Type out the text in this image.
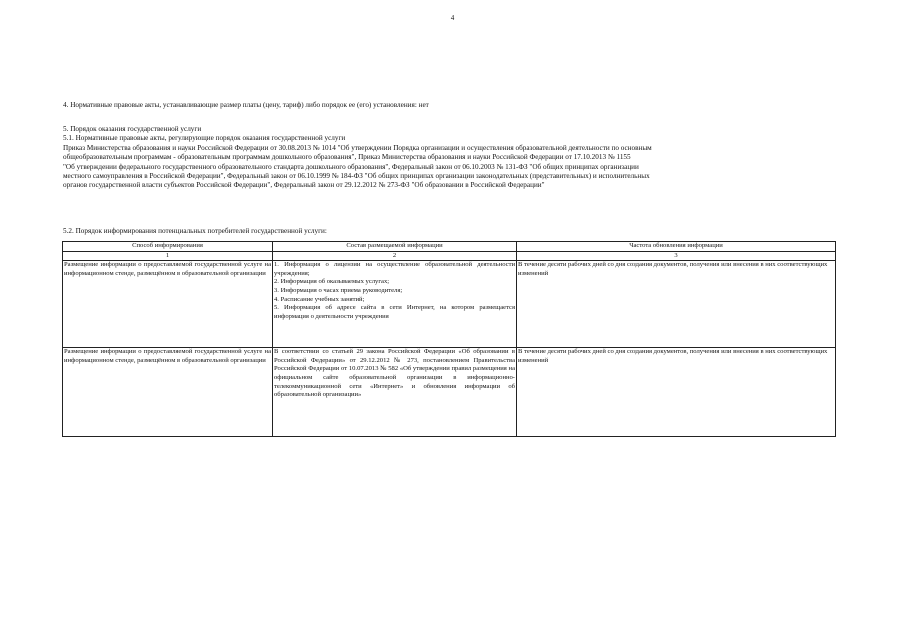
4

4. Нормативные правовые акты, устанавливающие размер платы (цену, тариф) либо порядок ее (его) установления: нет

5. Порядок оказания государственной услуги

5.1. Нормативные правовые акты, регулирующие порядок оказания государственной услуги

Приказ Министерства образования и науки Российской Федерации от 30.08.2013 № 1014 "Об утверждении Порядка организации и осуществления образовательной деятельности по основным

общеобразовательным программам - образовательным программам дошкольного образования", Приказ Министерства образования и науки Российской Федерации от 17.10.2013 № 1155

"Об утверждении федерального государственного образовательного стандарта дошкольного образования", Федеральный закон от 06.10.2003 № 131-ФЗ "Об общих принципах организации

местного самоуправления в Российской Федерации", Федеральный закон от 06.10.1999 № 184-ФЗ "Об общих принципах организации законодательных (представительных) и исполнительных

органов государственной власти субъектов Российской Федерации", Федеральный закон от 29.12.2012 № 273-ФЗ "Об образовании в Российской Федерации"

5.2. Порядок информирования потенциальных потребителей государственной услуги:

Способ информирования	Состав размещаемой информации	Частота обновления информации
1	2	3
Размещение информации о предоставляемой государственной услуге на информационном стенде, размещённом в образовательной организации	1. Информация о лицензии на осуществление образовательной деятельности учреждения;
2. Информация об оказываемых услугах;
3. Информация о часах приема руководителя;
4. Расписание учебных занятий;
5. Информация об адресе сайта в сети Интернет, на котором размещается информация о деятельности учреждения	В течение десяти рабочих дней со дня создания документов, получения или внесения в них соответствующих изменений
Размещение информации о предоставляемой государственной услуге на информационном стенде, размещённом в образовательной организации	В соответствии со статьей 29 закона Российской Федерации «Об образовании в Российской Федерации» от 29.12.2012 № 273, постановлением Правительства Российской Федерации от 10.07.2013 № 582 «Об утверждении правил размещения на официальном сайте образовательной организации в информационно-телекоммуникационной сети «Интернет» и обновления информации об образовательной организации»	В течение десяти рабочих дней со дня создания документов, получения или внесения в них соответствующих изменений
